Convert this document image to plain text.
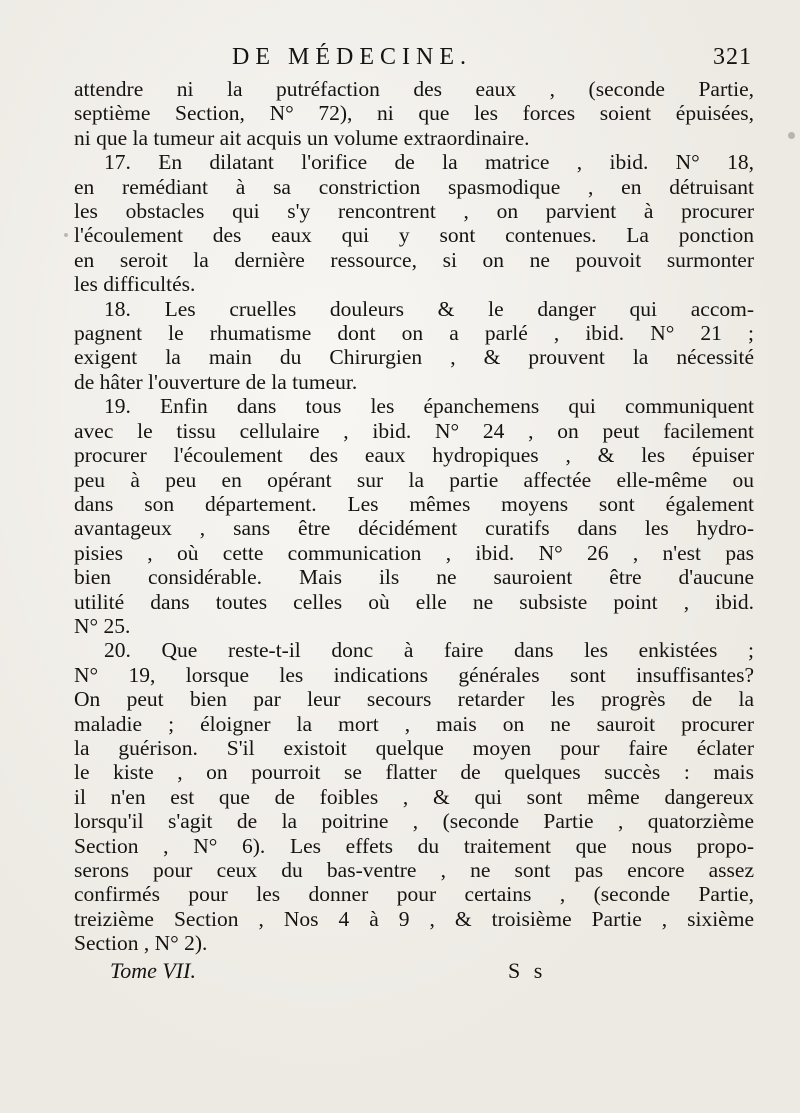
DE MÉDECINE.	321
attendre ni la putréfaction des eaux , (seconde Partie,
septième Section, N° 72), ni que les forces soient épuisées,
ni que la tumeur ait acquis un volume extraordinaire.
17. En dilatant l'orifice de la matrice , ibid. N° 18,
en remédiant à sa constriction spasmodique , en détruisant
les obstacles qui s'y rencontrent , on parvient à procurer
l'écoulement des eaux qui y sont contenues. La ponction
en seroit la dernière ressource, si on ne pouvoit surmonter
les difficultés.
18. Les cruelles douleurs & le danger qui accom-
pagnent le rhumatisme dont on a parlé , ibid. N° 21 ;
exigent la main du Chirurgien , & prouvent la nécessité
de hâter l'ouverture de la tumeur.
19. Enfin dans tous les épanchemens qui communiquent
avec le tissu cellulaire , ibid. N° 24 , on peut facilement
procurer l'écoulement des eaux hydropiques , & les épuiser
peu à peu en opérant sur la partie affectée elle-même ou
dans son département. Les mêmes moyens sont également
avantageux , sans être décidément curatifs dans les hydro-
pisies , où cette communication , ibid. N° 26 , n'est pas
bien considérable. Mais ils ne sauroient être d'aucune
utilité dans toutes celles où elle ne subsiste point , ibid.
N° 25.
20. Que reste-t-il donc à faire dans les enkistées ;
N° 19, lorsque les indications générales sont insuffisantes?
On peut bien par leur secours retarder les progrès de la
maladie ; éloigner la mort , mais on ne sauroit procurer
la guérison. S'il existoit quelque moyen pour faire éclater
le kiste , on pourroit se flatter de quelques succès : mais
il n'en est que de foibles , & qui sont même dangereux
lorsqu'il s'agit de la poitrine , (seconde Partie , quatorzième
Section , N° 6). Les effets du traitement que nous propo-
serons pour ceux du bas-ventre , ne sont pas encore assez
confirmés pour les donner pour certains , (seconde Partie,
treizième Section , Nos 4 à 9 , & troisième Partie , sixième
Section , N° 2).
Tome VII.	S s
